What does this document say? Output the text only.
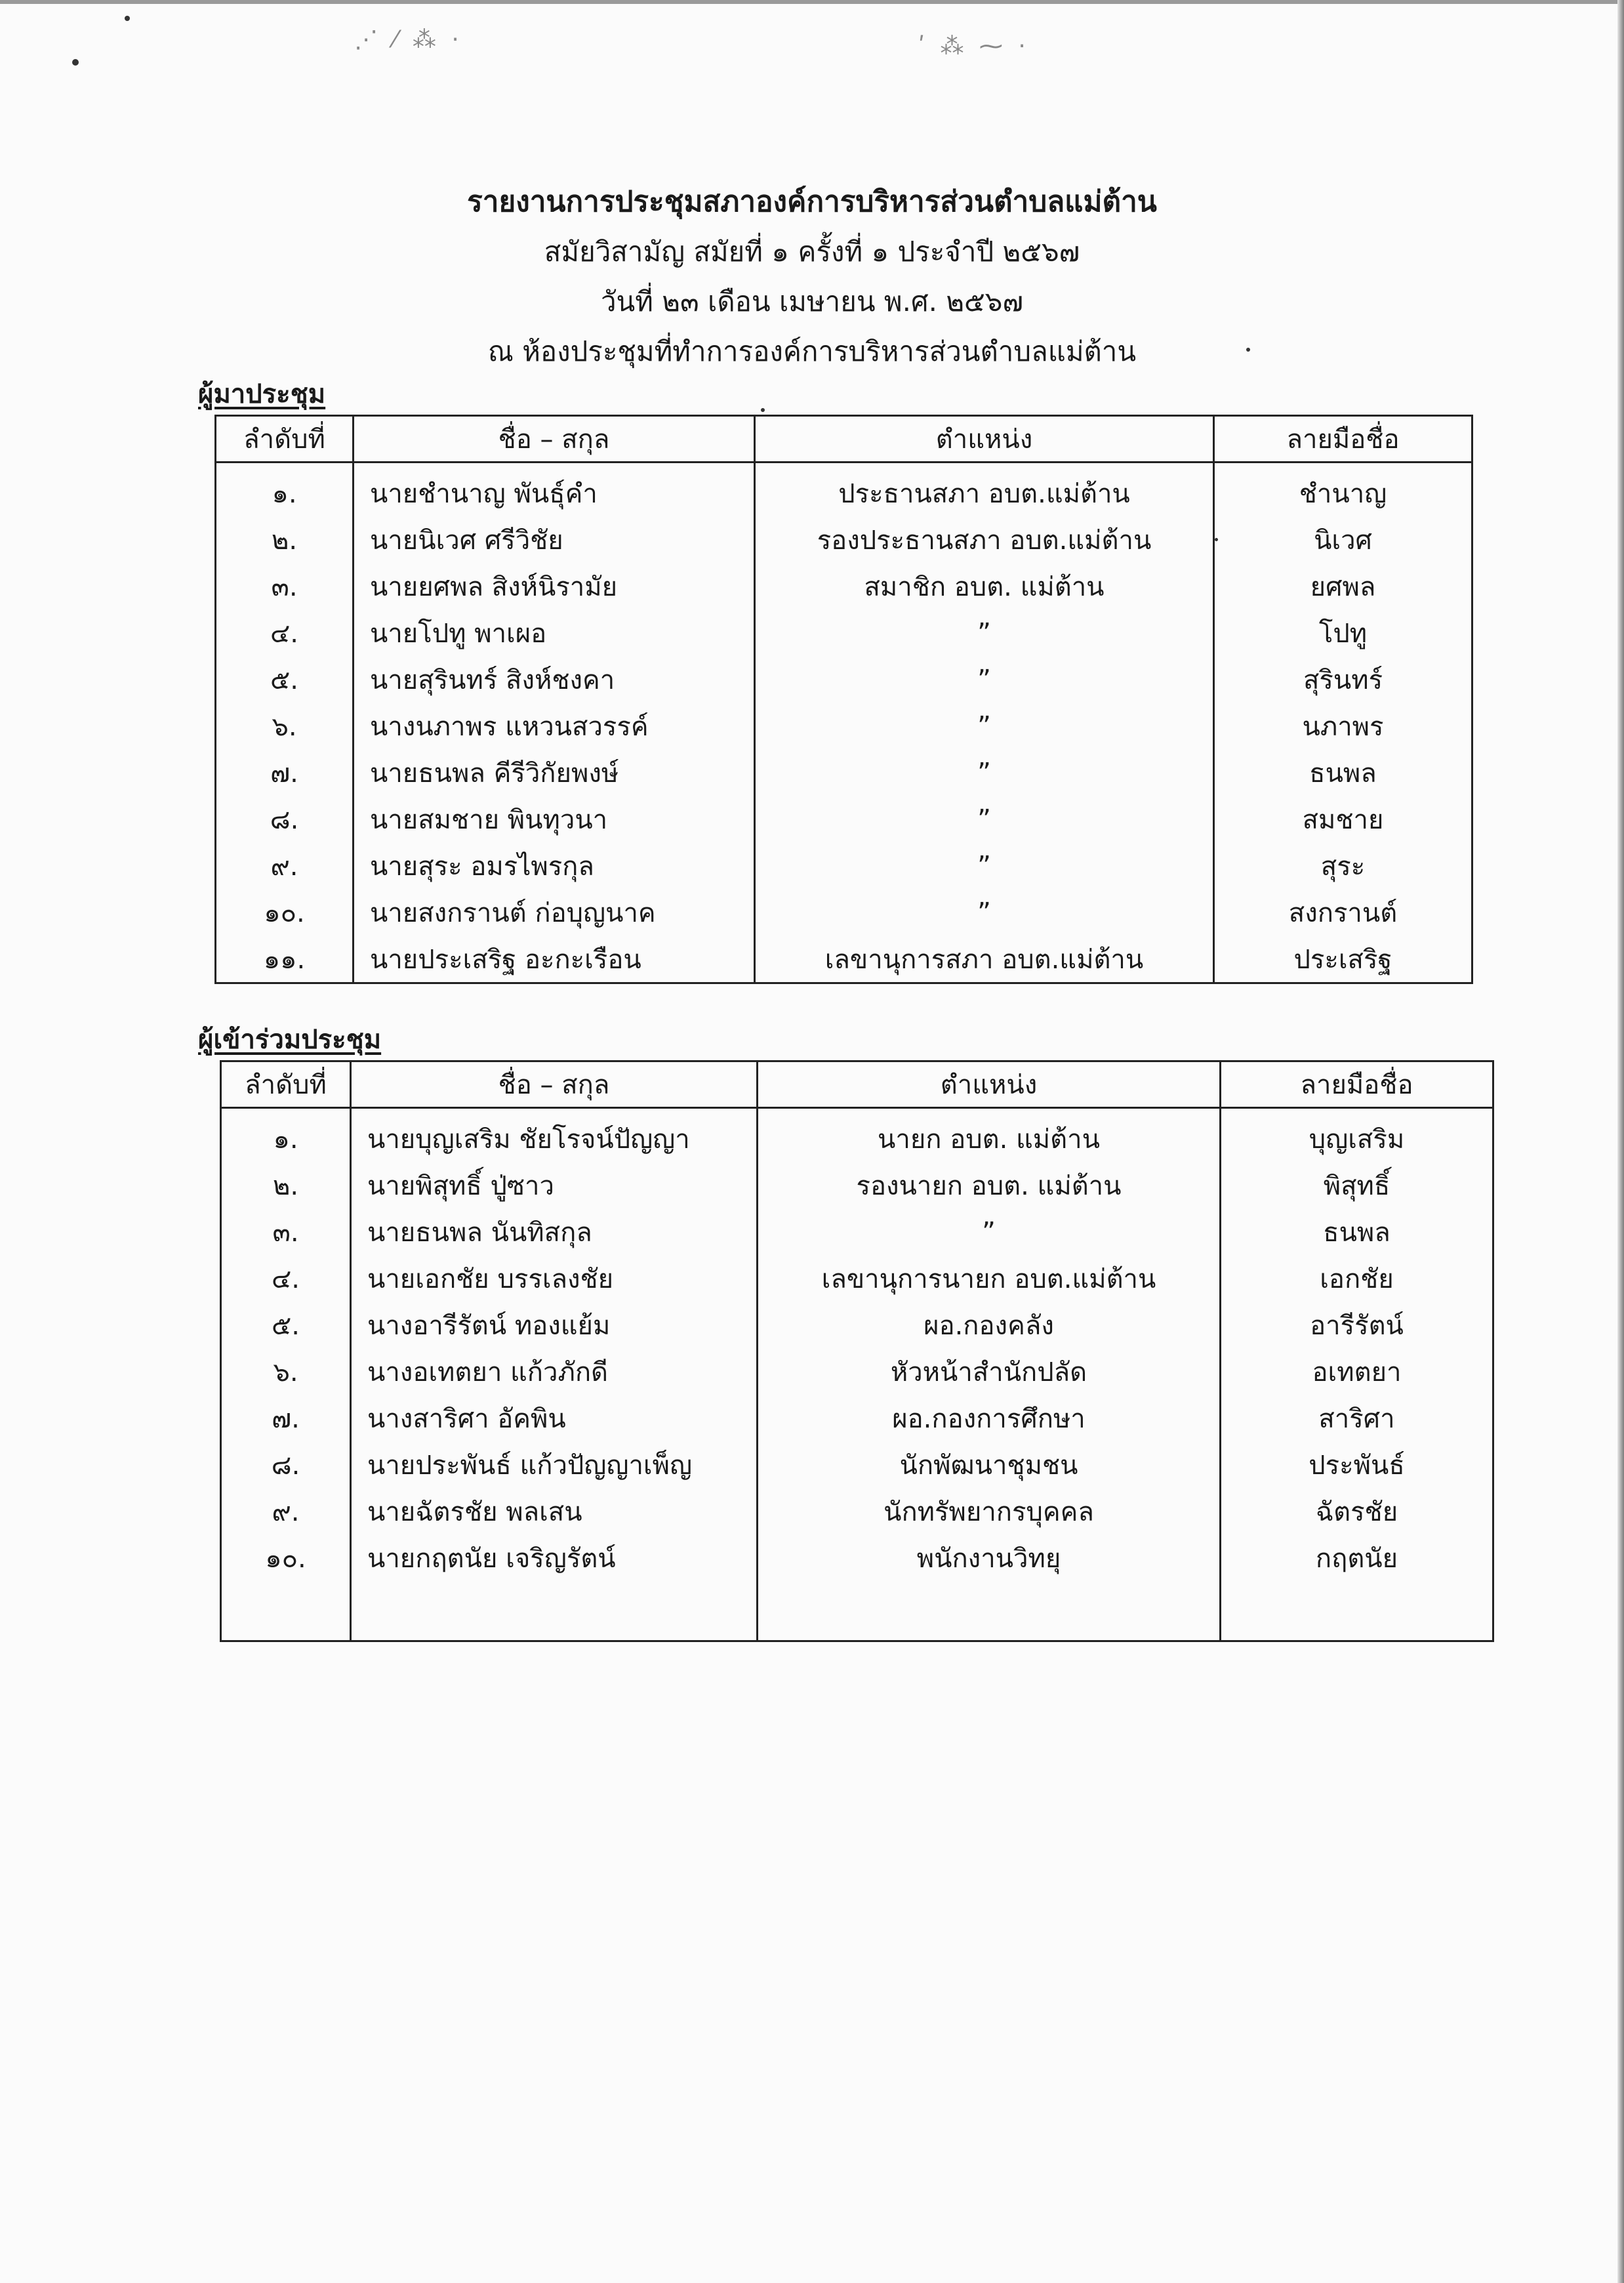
⋰ ⁄ ⁂ ·	ʹ ⁂ ⁓ ·
รายงานการประชุมสภาองค์การบริหารส่วนตำบลแม่ต้าน
สมัยวิสามัญ สมัยที่ ๑ ครั้งที่ ๑ ประจำปี ๒๕๖๗
วันที่ ๒๓ เดือน เมษายน พ.ศ. ๒๕๖๗
ณ ห้องประชุมที่ทำการองค์การบริหารส่วนตำบลแม่ต้าน
ผู้มาประชุม
ลำดับที่	ชื่อ – สกุล	ตำแหน่ง	ลายมือชื่อ
๑.	นายชำนาญ พันธุ์คำ	ประธานสภา อบต.แม่ต้าน	ชำนาญ
๒.	นายนิเวศ ศรีวิชัย	รองประธานสภา อบต.แม่ต้าน	นิเวศ
๓.	นายยศพล สิงห์นิรามัย	สมาชิก อบต. แม่ต้าน	ยศพล
๔.	นายโปทู พาเผอ	”	โปทู
๕.	นายสุรินทร์ สิงห์ชงคา	”	สุรินทร์
๖.	นางนภาพร แหวนสวรรค์	”	นภาพร
๗.	นายธนพล คีรีวิกัยพงษ์	”	ธนพล
๘.	นายสมชาย พินทุวนา	”	สมชาย
๙.	นายสุระ อมรไพรกุล	”	สุระ
๑๐.	นายสงกรานต์ ก่อบุญนาค	”	สงกรานต์
๑๑.	นายประเสริฐ อะกะเรือน	เลขานุการสภา อบต.แม่ต้าน	ประเสริฐ
ผู้เข้าร่วมประชุม
ลำดับที่	ชื่อ – สกุล	ตำแหน่ง	ลายมือชื่อ
๑.	นายบุญเสริม ชัยโรจน์ปัญญา	นายก อบต. แม่ต้าน	บุญเสริม
๒.	นายพิสุทธิ์ ปู่ซาว	รองนายก อบต. แม่ต้าน	พิสุทธิ์
๓.	นายธนพล นันทิสกุล	”	ธนพล
๔.	นายเอกชัย บรรเลงชัย	เลขานุการนายก อบต.แม่ต้าน	เอกชัย
๕.	นางอารีรัตน์ ทองแย้ม	ผอ.กองคลัง	อารีรัตน์
๖.	นางอเทตยา แก้วภักดี	หัวหน้าสำนักปลัด	อเทตยา
๗.	นางสาริศา อัคพิน	ผอ.กองการศึกษา	สาริศา
๘.	นายประพันธ์ แก้วปัญญาเพ็ญ	นักพัฒนาชุมชน	ประพันธ์
๙.	นายฉัตรชัย พลเสน	นักทรัพยากรบุคคล	ฉัตรชัย
๑๐.	นายกฤตนัย เจริญรัตน์	พนักงานวิทยุ	กฤตนัย
